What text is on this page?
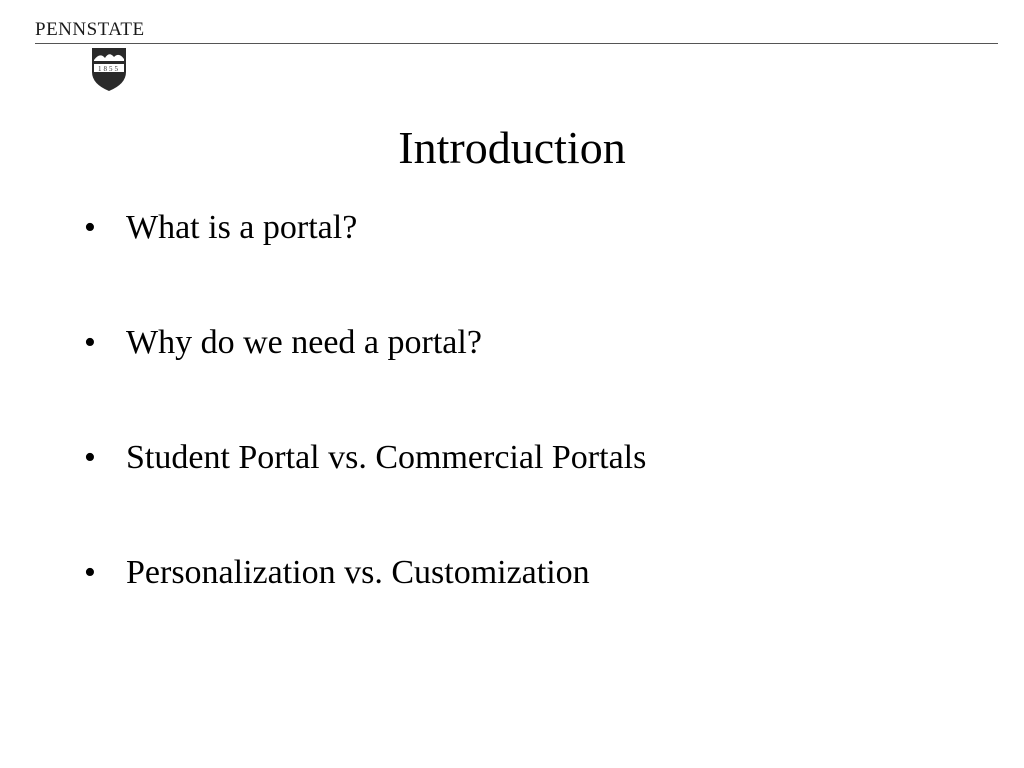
PENNSTATE
1855
Introduction
• What is a portal?
• Why do we need a portal?
• Student Portal vs. Commercial Portals
• Personalization vs. Customization
